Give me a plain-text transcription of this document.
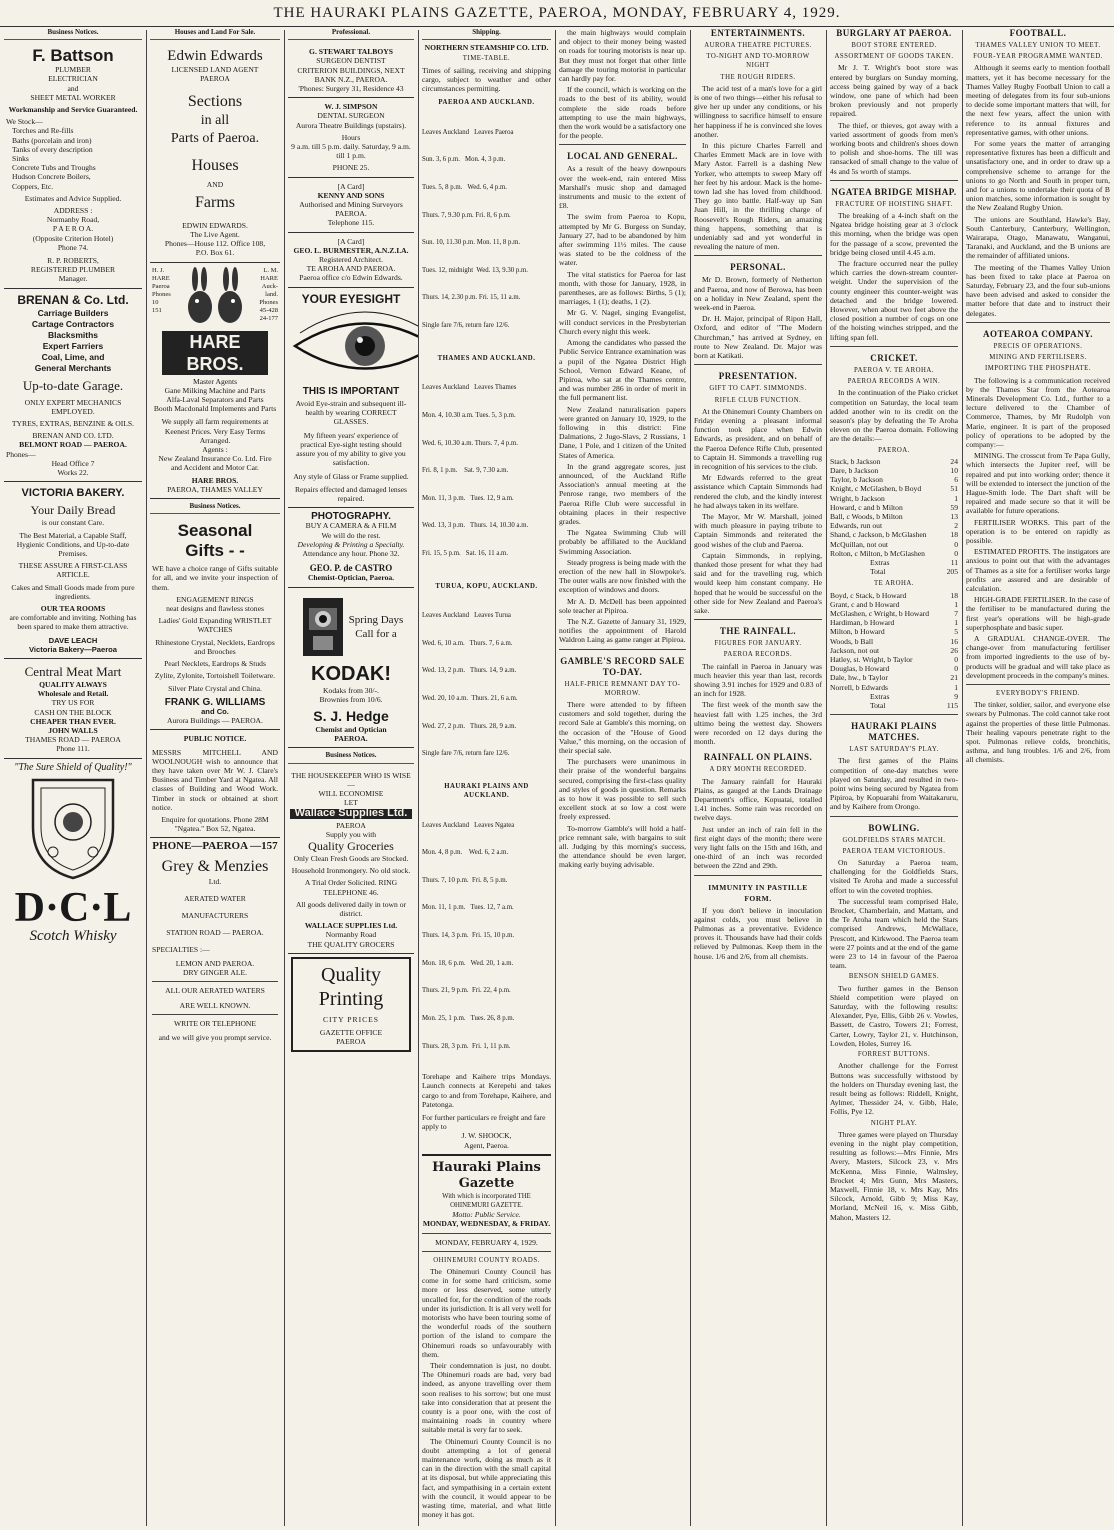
THE HAURAKI PLAINS GAZETTE, PAEROA, MONDAY, FEBRUARY 4, 1929.
Business Notices.
F. Battson
PLUMBER
ELECTRICIAN
and
SHEET METAL WORKER
Workmanship and Service Guaranteed.
We Stock—
Torches and Re-fills
Baths (porcelain and iron)
Tanks of every description
Sinks
Concrete Tubs and Troughs
Hudson Concrete Boilers,
Coppers, Etc.
Estimates and Advice Supplied.
ADDRESS :
Normanby Road,
P A E R O A.
(Opposite Criterion Hotel)
Phone 74.
R. P. ROBERTS,
REGISTERED PLUMBER
Manager.
BRENAN & Co. Ltd.
Carriage Builders
Cartage Contractors
Blacksmiths
Expert Farriers
Coal, Lime, and
General Merchants
Up-to-date Garage.
ONLY EXPERT MECHANICS EMPLOYED.
TYRES, EXTRAS, BENZINE & OILS.
BRENAN AND CO. LTD.
BELMONT ROAD — PAEROA.
Phones—
Head Office 7
Works 22.
VICTORIA BAKERY.
Your Daily Bread
is our constant Care.
The Best Material, a Capable Staff, Hygienic Conditions, and Up-to-date Premises.
THESE ASSURE A FIRST-CLASS ARTICLE.
Cakes and Small Goods made from pure ingredients.
OUR TEA ROOMS
are comfortable and inviting. Nothing has been spared to make them attractive.
DAVE LEACH
Victoria Bakery—Paeroa
Central Meat Mart
QUALITY ALWAYS
Wholesale and Retail.
TRY US FOR
CASH ON THE BLOCK
CHEAPER THAN EVER.
JOHN WALLS
THAMES ROAD — PAEROA
Phone 111.
"The Sure Shield of Quality!"
D·C·L
Scotch Whisky
Houses and Land For Sale.
Edwin Edwards
LICENSED LAND AGENT
PAEROA
Sections
in all
Parts of Paeroa.
Houses
AND
Farms
EDWIN EDWARDS.
The Live Agent.
Phones—House 112. Office 108,
P.O. Box 61.
H. J.
HARE
Paeroa
Phones
10
151
L. M.
HARE
Auck-
land.
Phones
45-428
24-177
HARE BROS.
Master Agents
Gane Milking Machine and Parts
Alfa-Laval Separators and Parts
Booth Macdonald Implements and Parts
We supply all farm requirements at Keenest Prices. Very Easy Terms Arranged.
Agents :
New Zealand Insurance Co. Ltd. Fire and Accident and Motor Car.
HARE BROS.
PAEROA, THAMES VALLEY
Business Notices.
Seasonal
Gifts - -
WE have a choice range of Gifts suitable for all, and we invite your inspection of them.
ENGAGEMENT RINGS
neat designs and flawless stones
Ladies' Gold Expanding WRISTLET WATCHES
Rhinestone Crystal, Necklets, Eardrops and Brooches
Pearl Necklets, Eardrops & Studs
Zylite, Zylonite, Tortoishell Toiletware.
Silver Plate Crystal and China.
FRANK G. WILLIAMS
and Co.
Aurora Buildings — PAEROA.
PUBLIC NOTICE.
MESSRS MITCHELL AND WOOLNOUGH wish to announce that they have taken over Mr W. J. Clare's Business and Timber Yard at Ngatea. All classes of Building and Wood Work. Timber in stock or obtained at short notice.
Enquire for quotations. Phone 28M "Ngatea." Box 52, Ngatea.
PHONE—PAEROA —157
Grey & Menzies
Ltd.
AERATED WATER
MANUFACTURERS
STATION ROAD — PAEROA.
SPECIALTIES :—
LEMON AND PAEROA.
DRY GINGER ALE.
ALL OUR AERATED WATERS
ARE WELL KNOWN.
WRITE OR TELEPHONE
and we will give you prompt service.
Professional.
G. STEWART TALBOYS
SURGEON DENTIST
CRITERION BUILDINGS, NEXT BANK N.Z., PAEROA.
'Phones: Surgery 31, Residence 43
W. J. SIMPSON
DENTAL SURGEON
Aurora Theatre Buildings (upstairs).
Hours
9 a.m. till 5 p.m. daily. Saturday, 9 a.m. till 1 p.m.
PHONE 25.
[A Card]
KENNY AND SONS
Authorised and Mining Surveyors PAEROA.
Telephone 115.
[A Card]
GEO. L. BURMESTER, A.N.Z.I.A.
Registered Architect.
TE AROHA AND PAEROA.
Paeroa office c/o Edwin Edwards.
YOUR EYESIGHT
THIS IS IMPORTANT
Avoid Eye-strain and subsequent ill-health by wearing CORRECT GLASSES.
My fifteen years' experience of practical Eye-sight testing should assure you of my ability to give you satisfaction.
Any style of Glass or Frame supplied.
Repairs effected and damaged lenses repaired.
PHOTOGRAPHY.
BUY A CAMERA & A FILM
We will do the rest.
Developing & Printing a Specialty.
Attendance any hour. Phone 32.
GEO. P. de CASTRO
Chemist-Optician, Paeroa.
Spring Days
Call for a
KODAK!
Kodaks from 30/-.
Brownies from 10/6.
S. J. Hedge
Chemist and Optician
PAEROA.
Business Notices.
THE HOUSEKEEPER WHO IS WISE—
WILL ECONOMISE
LET
Wallace Supplies Ltd.
PAEROA
Supply you with
Quality Groceries
Only Clean Fresh Goods are Stocked.
Household Ironmongery. No old stock.
A Trial Order Solicited. RING TELEPHONE 46.
All goods delivered daily in town or district.
WALLACE SUPPLIES Ltd.
Normanby Road
THE QUALITY GROCERS
Quality
Printing
CITY PRICES
GAZETTE OFFICE
PAEROA
Shipping.
NORTHERN STEAMSHIP CO. LTD.
TIME-TABLE.
Times of sailing, receiving and shipping cargo, subject to weather and other circumstances permitting.
PAEROA AND AUCKLAND.

Leaves Auckland   Leaves Paeroa

Sun. 3, 6 p.m.   Mon. 4, 3 p.m.

Tues. 5, 8 p.m.   Wed. 6, 4 p.m.

Thurs. 7, 9.30 p.m. Fri. 8, 6 p.m.

Sun. 10, 11.30 p.m. Mon. 11, 8 p.m.

Tues. 12, midnight  Wed. 13, 9.30 p.m.

Thurs. 14, 2.30 p.m. Fri. 15, 11 a.m.

Single fare 7/6, return fare 12/6.

THAMES AND AUCKLAND.

Leaves Auckland   Leaves Thames

Mon. 4, 10.30 a.m. Tues. 5, 3 p.m.

Wed. 6, 10.30 a.m. Thurs. 7, 4 p.m.

Fri. 8, 1 p.m.    Sat. 9, 7.30 a.m.

Mon. 11, 3 p.m.   Tues. 12, 9 a.m.

Wed. 13, 3 p.m.   Thurs. 14, 10.30 a.m.

Fri. 15, 5 p.m.   Sat. 16, 11 a.m.

TURUA, KOPU, AUCKLAND.

Leaves Auckland   Leaves Turua

Wed. 6, 10 a.m.   Thurs. 7, 6 a.m.

Wed. 13, 2 p.m.   Thurs. 14, 9 a.m.

Wed. 20, 10 a.m.  Thurs. 21, 6 a.m.

Wed. 27, 2 p.m.   Thurs. 28, 9 a.m.

Single fare 7/6, return fare 12/6.

HAURAKI PLAINS AND AUCKLAND.

Leaves Auckland   Leaves Ngatea

Mon. 4, 8 p.m.    Wed. 6, 2 a.m.

Thurs. 7, 10 p.m.  Fri. 8, 5 p.m.

Mon. 11, 1 p.m.   Tues. 12, 7 a.m.

Thurs. 14, 3 p.m.  Fri. 15, 10 p.m.

Mon. 18, 6 p.m.   Wed. 20, 1 a.m.

Thurs. 21, 9 p.m.  Fri. 22, 4 p.m.

Mon. 25, 1 p.m.   Tues. 26, 8 p.m.

Thurs. 28, 3 p.m.  Fri. 1, 11 p.m.

Torehape and Kaihere trips Mondays. Launch connects at Kerepehi and takes cargo to and from Torehape, Kaihere, and Patetonga.
For further particulars re freight and fare apply to
J. W. SHOOCK,
Agent, Paeroa.
Hauraki Plains Gazette
With which is incorporated THE OHINEMURI GAZETTE.
Motto: Public Service.
MONDAY, WEDNESDAY, & FRIDAY.
MONDAY, FEBRUARY 4, 1929.
OHINEMURI COUNTY ROADS.

The Ohinemuri County Council has come in for some hard criticism, some more or less deserved, some utterly uncalled for, for the condition of the roads under its jurisdiction. It is all very well for motorists who have been touring some of the wonderful roads of the southern portion of the island to compare the Ohinemuri roads so unfavourably with them.

Their condemnation is just, no doubt. The Ohinemuri roads are bad, very bad indeed, as anyone travelling over them soon realises to his sorrow; but one must take into consideration that at present the county is a poor one, with the cost of maintaining roads in country where suitable metal is very far to seek.

The Ohinemuri County Council is no doubt attempting a lot of general maintenance work, doing as much as it can in the direction with the small capital at its disposal, but while appreciating this fact, and sympathising in a certain extent with the council, it would appear to be wasting time, material, and what little money it has got.

the main highways would complain and object to their money being wasted on roads for touring motorists is near up. But they must not forget that other little damage the touring motorist in particular can hardly pay for.

If the council, which is working on the roads to the best of its ability, would complete the side roads before attempting to use the main highways, then the work would be a satisfactory one for the people.

LOCAL AND GENERAL.

As a result of the heavy downpours over the week-end, rain entered Miss Marshall's music shop and damaged instruments and music to the extent of £8.

The swim from Paeroa to Kopu, attempted by Mr G. Burgess on Sunday, January 27, had to be abandoned by him after swimming 11½ miles. The cause was stated to be the coldness of the water.

The vital statistics for Paeroa for last month, with those for January, 1928, in parentheses, are as follows: Births, 5 (1); marriages, 1 (1); deaths, 1 (2).

Mr G. V. Nagel, singing Evangelist, will conduct services in the Presbyterian Church every night this week.

Among the candidates who passed the Public Service Entrance examination was a pupil of the Ngatea District High School, Vernon Edward Keane, of Pipiroa, who sat at the Thames centre, and was number 286 in order of merit in the full permanent list.

New Zealand naturalisation papers were granted on January 10, 1929, to the following in this district: Fine Dalmations, 2 Jugo-Slavs, 2 Russians, 1 Dane, 1 Pole, and 1 citizen of the United States of America.

In the grand aggregate scores, just announced, of the Auckland Rifle Association's annual meeting at the Penrose range, two members of the Paeroa Rifle Club were successful in obtaining places in their respective grades.

The Ngatea Swimming Club will probably be affiliated to the Auckland Swimming Association.

Steady progress is being made with the erection of the new hall in Slowpoke's. The outer walls are now finished with the exception of windows and doors.

Mr A. D. McDell has been appointed sole teacher at Pipiroa.

The N.Z. Gazette of January 31, 1929, notifies the appointment of Harold Waldron Laing as game ranger at Pipiroa.

GAMBLE'S RECORD SALE TO-DAY.
HALF-PRICE REMNANT DAY TO-MORROW.

There were attended to by fifteen customers and sold together, during the record Sale at Gamble's this morning, on the occasion of the "House of Good Value," this morning, on the occasion of their special sale.

The purchasers were unanimous in their praise of the wonderful bargains secured, comprising the first-class quality and styles of goods in question. Remarks as to how it was possible to sell such excellent stock at so low a cost were freely expressed.

To-morrow Gamble's will hold a half-price remnant sale, with bargains to suit all. Judging by this morning's success, the attendance should be even larger, making early buying advisable.

ENTERTAINMENTS.
AURORA THEATRE PICTURES.
TO-NIGHT AND TO-MORROW NIGHT
THE ROUGH RIDERS.

The acid test of a man's love for a girl is one of two things—either his refusal to give her up under any conditions, or his willingness to sacrifice himself to ensure her happiness if he is convinced she loves another.

In this picture Charles Farrell and Charles Emmett Mack are in love with Mary Astor. Farrell is a dashing New Yorker, who attempts to sweep Mary off her feet by his ardour. Mack is the home-town lad she has loved from childhood. They go into battle. Half-way up San Juan Hill, in the thrilling charge of Roosevelt's Rough Riders, an amazing thing happens, something that is undeniably sad and yet wonderful in revealing the nature of men.

PERSONAL.

Mr D. Brown, formerly of Netherton and Paeroa, and now of Berowa, has been on a holiday in New Zealand, spent the week-end in Paeroa.

Dr. H. Major, principal of Ripon Hall, Oxford, and editor of "The Modern Churchman," has arrived at Sydney, en route to New Zealand. Dr. Major was born at Katikati.

PRESENTATION.
GIFT TO CAPT. SIMMONDS.
RIFLE CLUB FUNCTION.

At the Ohinemuri County Chambers on Friday evening a pleasant informal function took place when Edwin Edwards, as president, and on behalf of the Paeroa Defence Rifle Club, presented to Captain H. Simmonds a travelling rug in recognition of his services to the club.

Mr Edwards referred to the great assistance which Captain Simmonds had rendered the club, and the kindly interest he had always taken in its welfare.

The Mayor, Mr W. Marshall, joined with much pleasure in paying tribute to Captain Simmonds and reiterated the good wishes of the club and Paeroa.

Captain Simmonds, in replying, thanked those present for what they had said and for the travelling rug, which would keep him constant company. He hoped that he would be successful on the other side for New Zealand and Paeroa's sake.

THE RAINFALL.
FIGURES FOR JANUARY.
PAEROA RECORDS.

The rainfall in Paeroa in January was much heavier this year than last, records showing 3.91 inches for 1929 and 0.83 of an inch for 1928.

The first week of the month saw the heaviest fall with 1.25 inches, the 3rd ultimo being the wettest day. Showers were recorded on 12 days during the month.

RAINFALL ON PLAINS.
A DRY MONTH RECORDED.

The January rainfall for Hauraki Plains, as gauged at the Lands Drainage Department's office, Kopuatai, totalled 1.41 inches. Some rain was recorded on twelve days.

Just under an inch of rain fell in the first eight days of the month; there were very light falls on the 15th and 16th, and one-third of an inch was recorded between the 22nd and 29th.

IMMUNITY IN PASTILLE FORM.

If you don't believe in inoculation against colds, you must believe in Pulmonas as a preventative. Evidence proves it. Thousands have had their colds relieved by Pulmonas. Keep them in the house. 1/6 and 2/6, from all chemists.

BURGLARY AT PAEROA.
BOOT STORE ENTERED.
ASSORTMENT OF GOODS TAKEN.

Mr J. T. Wright's boot store was entered by burglars on Sunday morning, access being gained by way of a back window, one pane of which had been broken previously and not properly repaired.

The thief, or thieves, got away with a varied assortment of goods from men's working boots and children's shoes down to polish and shoe-horns. The till was ransacked of small change to the value of 4s and 5s worth of stamps.

NGATEA BRIDGE MISHAP.
FRACTURE OF HOISTING SHAFT.

The breaking of a 4-inch shaft on the Ngatea bridge hoisting gear at 3 o'clock this morning, when the bridge was open for the passage of a scow, prevented the bridge being closed until 4.45 a.m.

The fracture occurred near the pulley which carries the down-stream counter-weight. Under the supervision of the county engineer this counter-weight was detached and the bridge lowered. However, when about two feet above the closed position a number of cogs on one of the hoisting winches stripped, and the lifting span fell.

CRICKET.
PAEROA V. TE AROHA.
PAEROA RECORDS A WIN.

In the continuation of the Piako cricket competition on Saturday, the local team added another win to its credit on the season's play by defeating the Te Aroha eleven on the Paeroa domain. Following are the details:—

PAEROA.
Stack, b Jackson	24
Dare, b Jackson	10
Taylor, b Jackson	6
Knight, c McGlashen, b Boyd	51
Wright, b Jackson	1
Howard, c and b Milton	59
Ball, c Woods, b Milton	13
Edwards, run out	2
Shand, c Jackson, b McGlashen	18
McQuillan, not out	0
Rolton, c Milton, b McGlashen	0
Extras	11
Total	205
TE AROHA.
Boyd, c Stack, b Howard	18
Grant, c and b Howard	1
McGlashen, c Wright, b Howard	7
Hardiman, b Howard	1
Milton, b Howard	5
Woods, b Ball	16
Jackson, not out	26
Hatley, st. Wright, b Taylor	0
Douglas, b Howard	0
Dale, hw., b Taylor	21
Norrell, b Edwards	1
Extras	9
Total	115
HAURAKI PLAINS MATCHES.
LAST SATURDAY'S PLAY.

The first games of the Plains competition of one-day matches were played on Saturday, and resulted in two-point wins being secured by Ngatea from Pipiroa, by Kopuarahi from Waitakaruru, and by Kaihere from Orongo.

BOWLING.
GOLDFIELDS STARS MATCH.
PAEROA TEAM VICTORIOUS.

On Saturday a Paeroa team, challenging for the Goldfields Stars, visited Te Aroha and made a successful effort to win the coveted trophies.

The successful team comprised Hale, Brocket, Chamberlain, and Mattam, and the Te Aroha team which held the Stars comprised Andrews, McWallace, Prescott, and Kirkwood. The Paeroa team were 27 points and at the end of the game were 23 to 14 in favour of the Paeroa team.

BENSON SHIELD GAMES.

Two further games in the Benson Shield competition were played on Saturday, with the following results: Alexander, Pye, Ellis, Gibb 26 v. Vowles, Bassett, de Castro, Towers 21; Forrest, Carter, Lowry, Taylor 21, v. Hutchinson, Lowden, Holes, Surrey 16.

FORREST BUTTONS.

Another challenge for the Forrest Buttons was successfully withstood by the holders on Thursday evening last, the result being as follows: Riddell, Knight, Aylmer, Thessider 24, v. Gibb, Hale, Follis, Pye 12.

NIGHT PLAY.

Three games were played on Thursday evening in the night play competition, resulting as follows:—Mrs Finnie, Mrs Avery, Masters, Silcock 23, v. Mrs McKenna, Miss Finnie, Walmsley, Brocket 4; Mrs Gunn, Mrs Masters, Maxwell, Finnie 18, v. Mrs Kay, Mrs Silcock, Arnold, Gibb 9; Miss Kay, Morland, McNeil 16, v. Miss Gibb, Mahon, Masters 12.

FOOTBALL.
THAMES VALLEY UNION TO MEET.
FOUR-YEAR PROGRAMME WANTED.

Although it seems early to mention football matters, yet it has become necessary for the Thames Valley Rugby Football Union to call a meeting of delegates from its four sub-unions to decide some important matters that will, for the next few years, affect the union with reference to its annual fixtures and representative games, with other unions.

For some years the matter of arranging representative fixtures has been a difficult and unsatisfactory one, and in order to draw up a comprehensive scheme to arrange for the unions to go North and South in proper turn, and for a unions to undertake their quota of B union matches, some information is sought by the New Zealand Rugby Union.

The unions are Southland, Hawke's Bay, South Canterbury, Canterbury, Wellington, Wairarapa, Otago, Manawatu, Wanganui, Taranaki, and Auckland, and the B unions are the remainder of affiliated unions.

The meeting of the Thames Valley Union has been fixed to take place at Paeroa on Saturday, February 23, and the four sub-unions have been advised and asked to consider the matter before that date and to instruct their delegates.

AOTEAROA COMPANY.
PRECIS OF OPERATIONS.
MINING AND FERTILISERS.
IMPORTING THE PHOSPHATE.

The following is a communication received by the Thames Star from the Aotearoa Minerals Development Co. Ltd., further to a lecture delivered to the Chamber of Commerce, Thames, by Mr Rudolph von Marie, engineer. It is part of the proposed policy of operations to be adopted by the company:—

MINING. The crosscut from Te Papa Gully, which intersects the Jupiter reef, will be repaired and put into working order; thence it will be extended to intersect the junction of the Hague-Smith lode. The Dart shaft will be repaired and made secure so that it will be available for future operations.

FERTILISER WORKS. This part of the operation is to be entered on rapidly as possible.

ESTIMATED PROFITS. The instigators are anxious to point out that with the advantages of Thames as a site for a fertiliser works large profits are assured and are desirable of calculation.

HIGH-GRADE FERTILISER. In the case of the fertiliser to be manufactured during the first year's operations will be high-grade superphosphate and basic super.

A GRADUAL CHANGE-OVER. The change-over from manufacturing fertiliser from imported ingredients to the use of by-products will be gradual and will take place as development proceeds in the company's mines.

EVERYBODY'S FRIEND.

The tinker, soldier, sailor, and everyone else swears by Pulmonas. The cold cannot take root against the properties of these little Pulmonas. Their healing vapours penetrate right to the spot. Pulmonas relieve colds, bronchitis, asthma, and lung troubles. 1/6 and 2/6, from all chemists.
